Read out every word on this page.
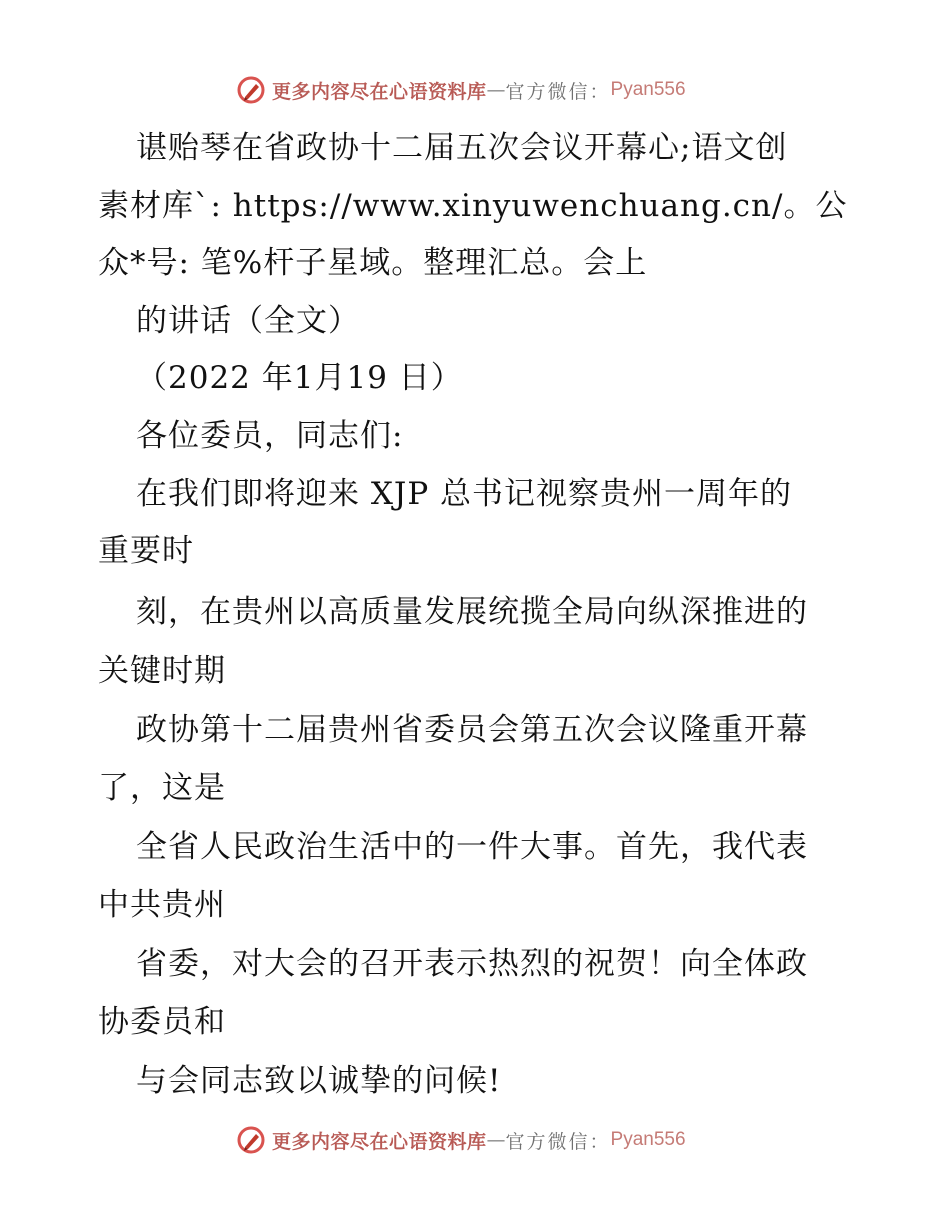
更多内容尽在心语资料库 — 官方微信： Pyan556
谌贻琴在省政协十二届五次会议开幕心;语文创
素材库`: https://www.xinyuwenchuang.cn/。公
众*号: 笔%杆子星域。整理汇总。会上
的讲话（全文）
（2022 年1月19 日）
各位委员，同志们:
在我们即将迎来 XJP 总书记视察贵州一周年的
重要时
刻，在贵州以高质量发展统揽全局向纵深推进的
关键时期
政协第十二届贵州省委员会第五次会议隆重开幕
了，这是
全省人民政治生活中的一件大事。首先，我代表
中共贵州
省委，对大会的召开表示热烈的祝贺！向全体政
协委员和
与会同志致以诚挚的问候!
更多内容尽在心语资料库 — 官方微信： Pyan556
